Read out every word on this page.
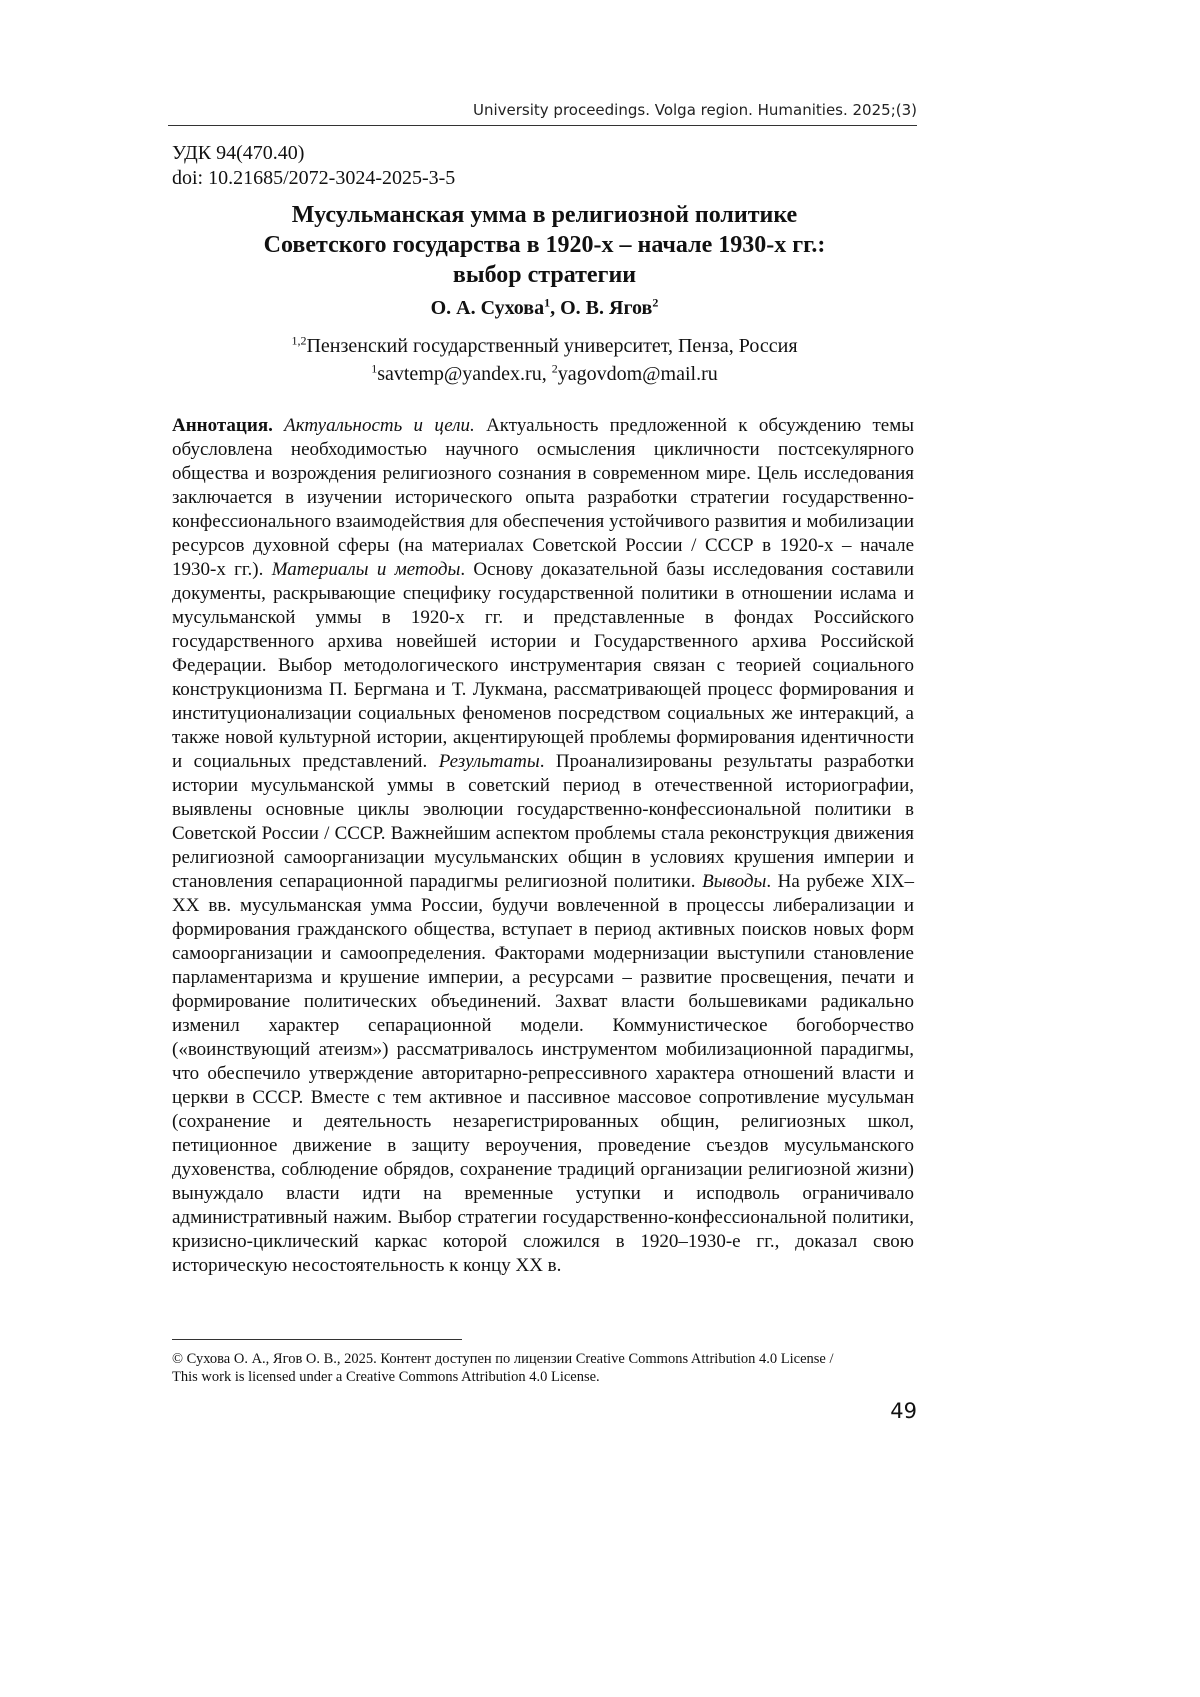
University proceedings. Volga region. Humanities. 2025;(3)
УДК 94(470.40)
doi: 10.21685/2072-3024-2025-3-5
Мусульманская умма в религиозной политике
Советского государства в 1920-х – начале 1930-х гг.:
выбор стратегии
О. А. Сухова$^1$, О. В. Ягов$^2$
$^{1,2}$Пензенский государственный университет, Пенза, Россия
$^1$savtemp@yandex.ru, $^2$yagovdom@mail.ru

Аннотация. Актуальность и цели. Актуальность предложенной к обсуждению темы обусловлена необходимостью научного осмысления цикличности постсекулярного общества и возрождения религиозного сознания в современном мире. Цель исследования заключается в изучении исторического опыта разработки стратегии государственно-конфессионального взаимодействия для обеспечения устойчивого развития и мобилизации ресурсов духовной сферы (на материалах Советской России / СССР в 1920-х – начале 1930-х гг.). Материалы и методы. Основу доказательной базы исследования составили документы, раскрывающие специфику государственной политики в отношении ислама и мусульманской уммы в 1920-х гг. и представленные в фондах Российского государственного архива новейшей истории и Государственного архива Российской Федерации. Выбор методологического инструментария связан с теорией социального конструкционизма П. Бергмана и Т. Лукмана, рассматривающей процесс формирования и институционализации социальных феноменов посредством социальных же интеракций, а также новой культурной истории, акцентирующей проблемы формирования идентичности и социальных представлений. Результаты. Проанализированы результаты разработки истории мусульманской уммы в советский период в отечественной историографии, выявлены основные циклы эволюции государственно-конфессиональной политики в Советской России / СССР. Важнейшим аспектом проблемы стала реконструкция движения религиозной самоорганизации мусульманских общин в условиях крушения империи и становления сепарационной парадигмы религиозной политики. Выводы. На рубеже XIX–XX вв. мусульманская умма России, будучи вовлеченной в процессы либерализации и формирования гражданского общества, вступает в период активных поисков новых форм самоорганизации и самоопределения. Факторами модернизации выступили становление парламентаризма и крушение империи, а ресурсами – развитие просвещения, печати и формирование политических объединений. Захват власти большевиками радикально изменил характер сепарационной модели. Коммунистическое богоборчество («воинствующий атеизм») рассматривалось инструментом мобилизационной парадигмы, что обеспечило утверждение авторитарно-репрессивного характера отношений власти и церкви в СССР. Вместе с тем активное и пассивное массовое сопротивление мусульман (сохранение и деятельность незарегистрированных общин, религиозных школ, петиционное движение в защиту вероучения, проведение съездов мусульманского духовенства, соблюдение обрядов, сохранение традиций организации религиозной жизни) вынуждало власти идти на временные уступки и исподволь ограничивало административный нажим. Выбор стратегии государственно-конфессиональной политики, кризисно-циклический каркас которой сложился в 1920–1930-е гг., доказал свою историческую несостоятельность к концу XX в.

© Сухова О. А., Ягов О. В., 2025. Контент доступен по лицензии Creative Commons Attribution 4.0 License /
This work is licensed under a Creative Commons Attribution 4.0 License.

49
